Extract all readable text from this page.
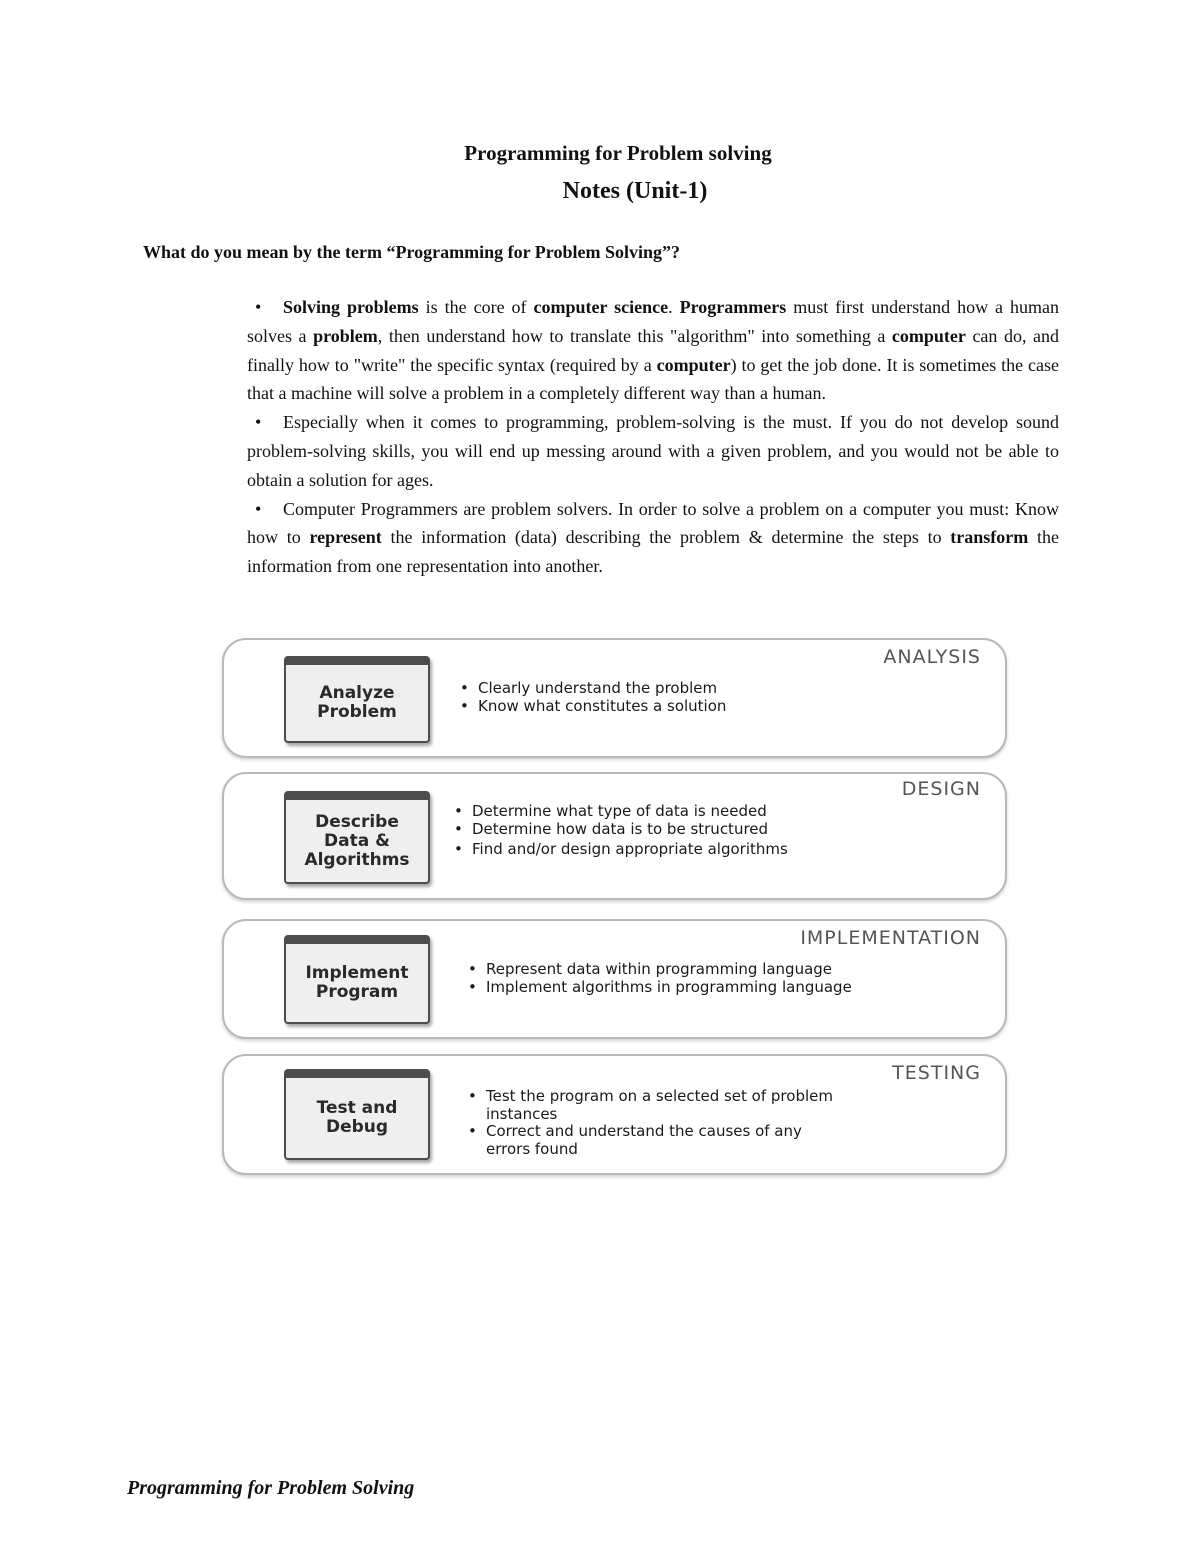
Programming for Problem solving
Notes (Unit-1)

What do you mean by the term “Programming for Problem Solving”?

• Solving problems is the core of computer science. Programmers must first understand how a human solves a problem, then understand how to translate this "algorithm" into something a computer can do, and finally how to "write" the specific syntax (required by a computer) to get the job done. It is sometimes the case that a machine will solve a problem in a completely different way than a human.
• Especially when it comes to programming, problem-solving is the must. If you do not develop sound problem-solving skills, you will end up messing around with a given problem, and you would not be able to obtain a solution for ages.
• Computer Programmers are problem solvers. In order to solve a problem on a computer you must: Know how to represent the information (data) describing the problem & determine the steps to transform the information from one representation into another.
ANALYSIS
Analyze
Problem
• Clearly understand the problem
• Know what constitutes a solution
DESIGN
Describe
Data &
Algorithms
• Determine what type of data is needed
• Determine how data is to be structured
• Find and/or design appropriate algorithms
IMPLEMENTATION
Implement
Program
• Represent data within programming language
• Implement algorithms in programming language
TESTING
Test and
Debug
• Test the program on a selected set of problem instances
• Correct and understand the causes of any errors found

Programming for Problem Solving
